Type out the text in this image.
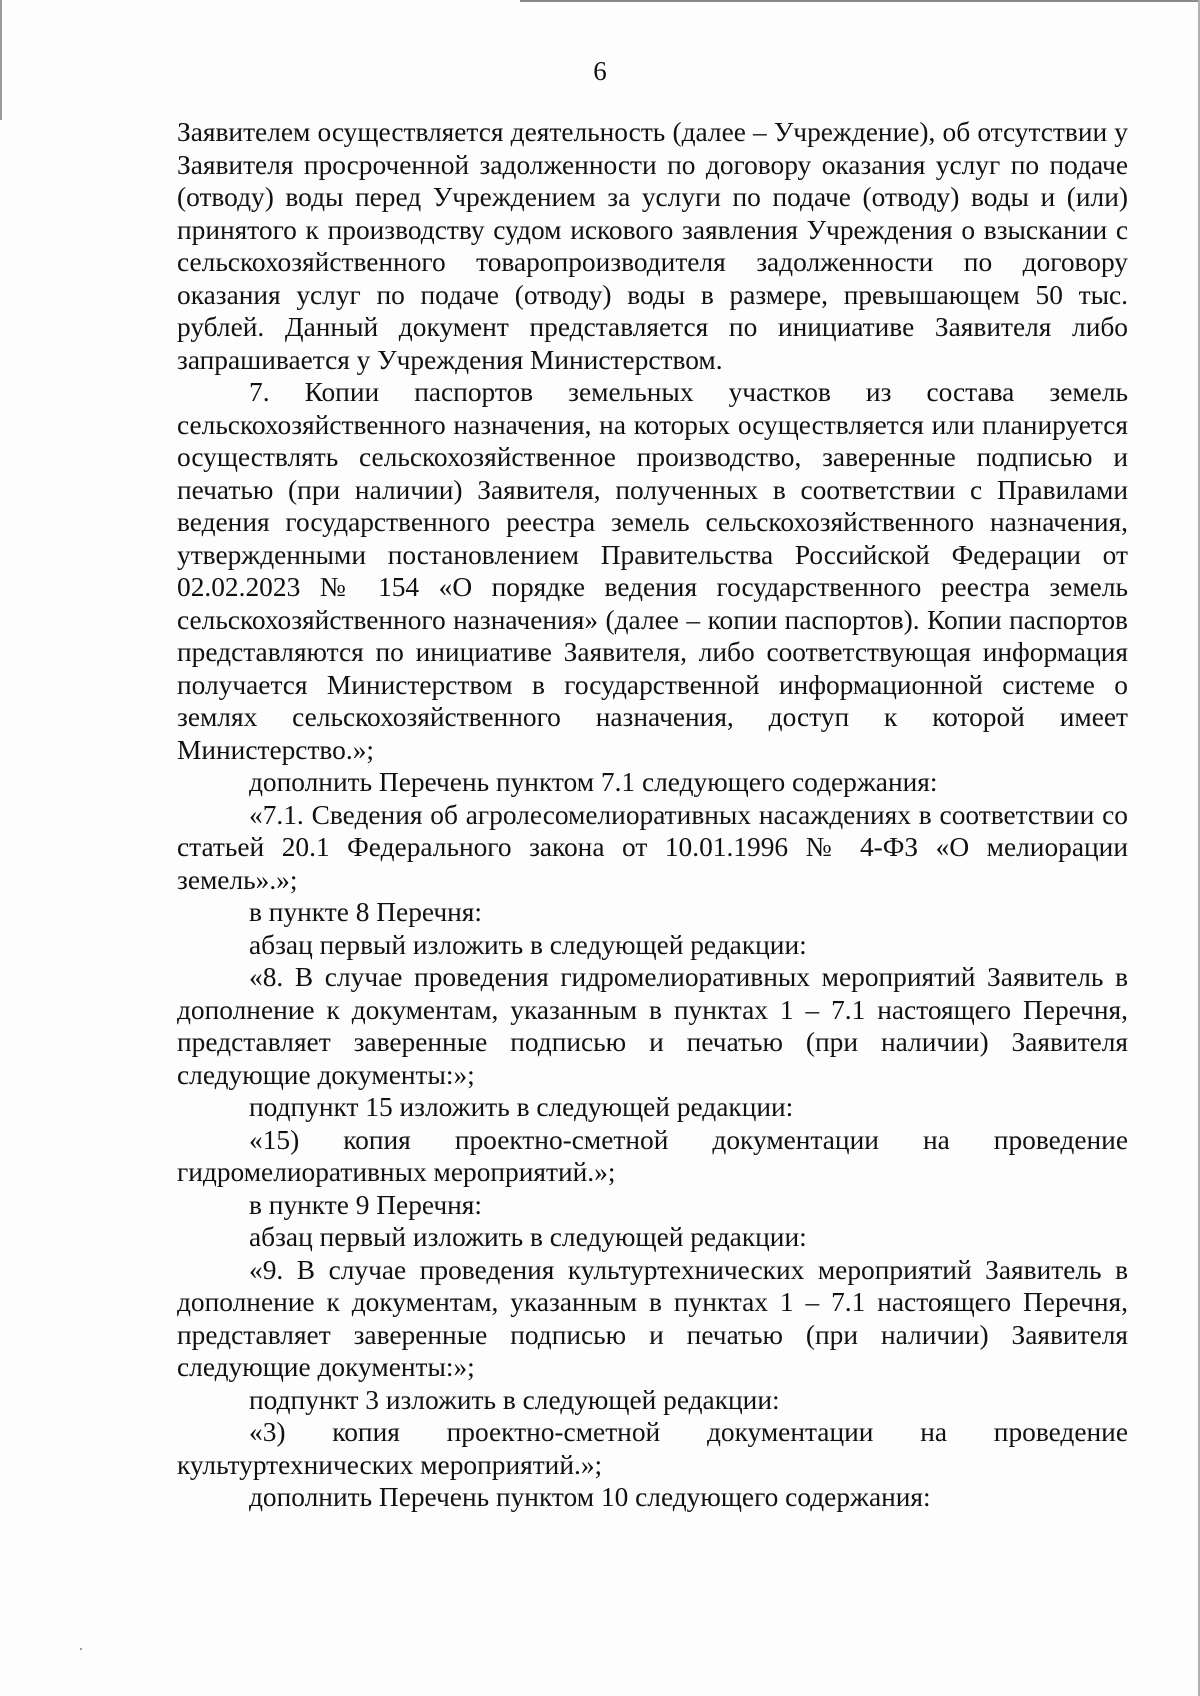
6

Заявителем осуществляется деятельность (далее – Учреждение), об отсутствии у Заявителя просроченной задолженности по договору оказания услуг по подаче (отводу) воды перед Учреждением за услуги по подаче (отводу) воды и (или) принятого к производству судом искового заявления Учреждения о взыскании с сельскохозяйственного товаропроизводителя задолженности по договору оказания услуг по подаче (отводу) воды в размере, превышающем 50 тыс. рублей. Данный документ представляется по инициативе Заявителя либо запрашивается у Учреждения Министерством.

7. Копии паспортов земельных участков из состава земель сельскохозяйственного назначения, на которых осуществляется или планируется осуществлять сельскохозяйственное производство, заверенные подписью и печатью (при наличии) Заявителя, полученных в соответствии с Правилами ведения государственного реестра земель сельскохозяйственного назначения, утвержденными постановлением Правительства Российской Федерации от 02.02.2023 № 154 «О порядке ведения государственного реестра земель сельскохозяйственного назначения» (далее – копии паспортов). Копии паспортов представляются по инициативе Заявителя, либо соответствующая информация получается Министерством в государственной информационной системе о землях сельскохозяйственного назначения, доступ к которой имеет Министерство.»;

дополнить Перечень пунктом 7.1 следующего содержания:

«7.1. Сведения об агролесомелиоративных насаждениях в соответствии со статьей 20.1 Федерального закона от 10.01.1996 № 4-ФЗ «О мелиорации земель».»;

в пункте 8 Перечня:

абзац первый изложить в следующей редакции:

«8. В случае проведения гидромелиоративных мероприятий Заявитель в дополнение к документам, указанным в пунктах 1 – 7.1 настоящего Перечня, представляет заверенные подписью и печатью (при наличии) Заявителя следующие документы:»;

подпункт 15 изложить в следующей редакции:

«15) копия проектно-сметной документации на проведение гидромелиоративных мероприятий.»;

в пункте 9 Перечня:

абзац первый изложить в следующей редакции:

«9. В случае проведения культуртехнических мероприятий Заявитель в дополнение к документам, указанным в пунктах 1 – 7.1 настоящего Перечня, представляет заверенные подписью и печатью (при наличии) Заявителя следующие документы:»;

подпункт 3 изложить в следующей редакции:

«3) копия проектно-сметной документации на проведение культуртехнических мероприятий.»;

дополнить Перечень пунктом 10 следующего содержания:
